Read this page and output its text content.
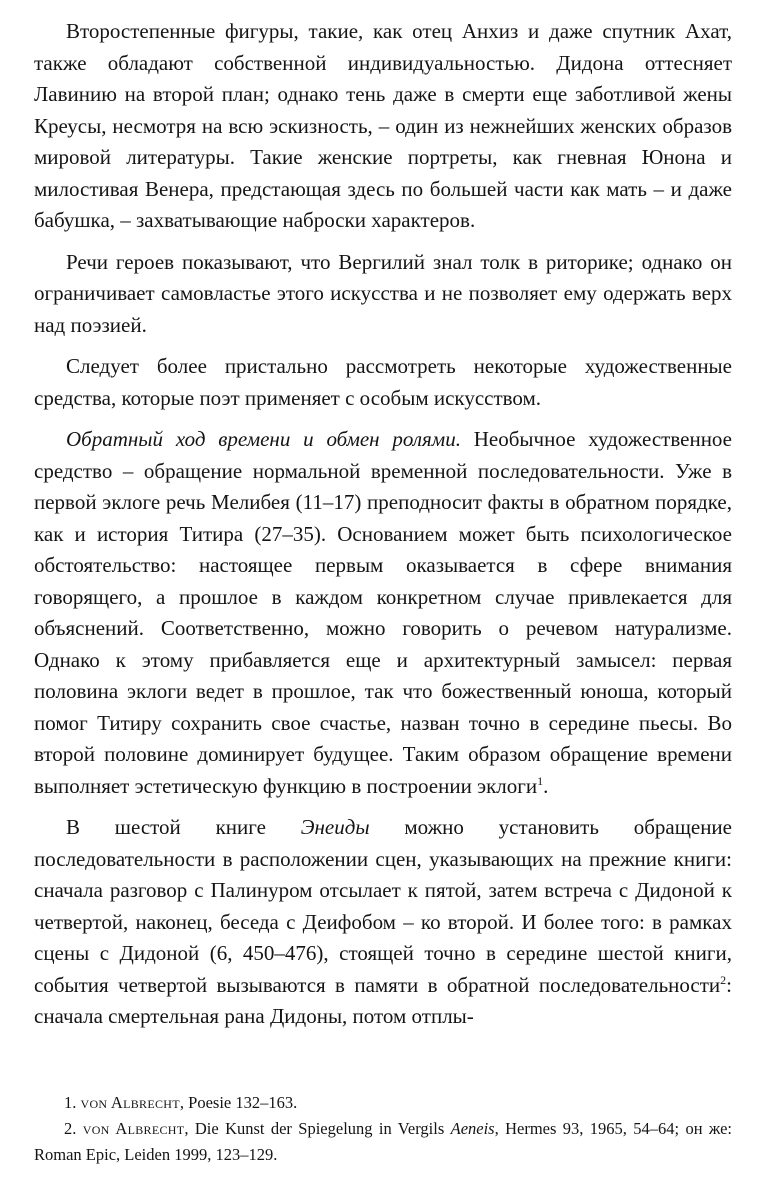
Второстепенные фигуры, такие, как отец Анхиз и даже спутник Ахат, также обладают собственной индивидуальностью. Дидона оттесняет Лавинию на второй план; однако тень даже в смерти еще заботливой жены Креусы, несмотря на всю эскизность, – один из нежнейших женских образов мировой литературы. Такие женские портреты, как гневная Юнона и милостивая Венера, предстающая здесь по большей части как мать – и даже бабушка, – захватывающие наброски характеров.

Речи героев показывают, что Вергилий знал толк в риторике; однако он ограничивает самовластье этого искусства и не позволяет ему одержать верх над поэзией.

Следует более пристально рассмотреть некоторые художественные средства, которые поэт применяет с особым искусством.

Обратный ход времени и обмен ролями. Необычное художественное средство – обращение нормальной временной последовательности. Уже в первой эклоге речь Мелибея (11–17) преподносит факты в обратном порядке, как и история Титира (27–35). Основанием может быть психологическое обстоятельство: настоящее первым оказывается в сфере внимания говорящего, а прошлое в каждом конкретном случае привлекается для объяснений. Соответственно, можно говорить о речевом натурализме. Однако к этому прибавляется еще и архитектурный замысел: первая половина эклоги ведет в прошлое, так что божественный юноша, который помог Титиру сохранить свое счастье, назван точно в середине пьесы. Во второй половине доминирует будущее. Таким образом обращение времени выполняет эстетическую функцию в построении эклоги$^1$.

В шестой книге Энеиды можно установить обращение последовательности в расположении сцен, указывающих на прежние книги: сначала разговор с Палинуром отсылает к пятой, затем встреча с Дидоной к четвертой, наконец, беседа с Деифобом – ко второй. И более того: в рамках сцены с Дидоной (6, 450–476), стоящей точно в середине шестой книги, события четвертой вызываются в памяти в обратной последовательности$^2$: сначала смертельная рана Дидоны, потом отплы-

1. von Albrecht, Poesie 132–163.

2. von Albrecht, Die Kunst der Spiegelung in Vergils Aeneis, Hermes 93, 1965, 54–64; он же: Roman Epic, Leiden 1999, 123–129.
